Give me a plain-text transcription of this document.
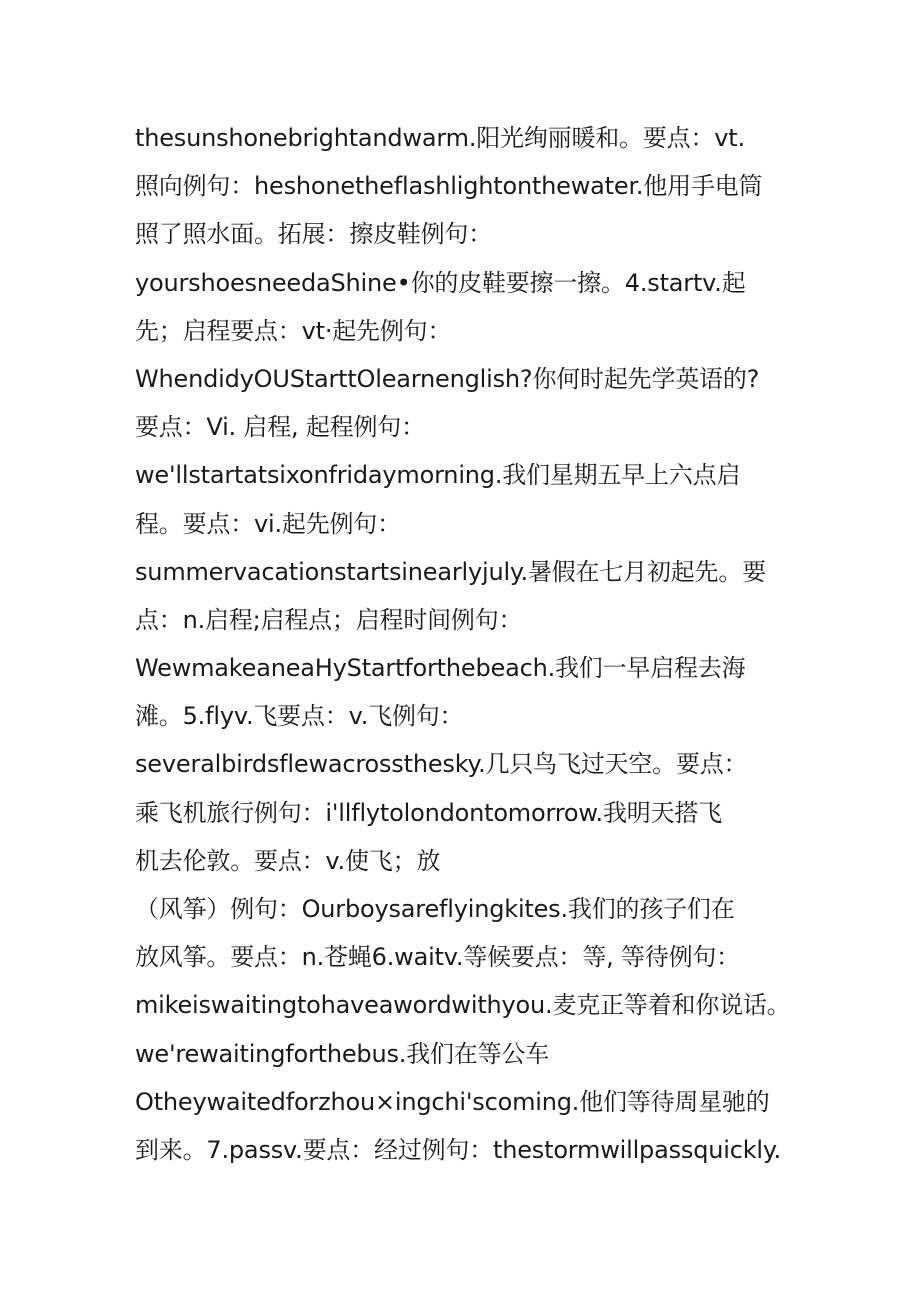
thesunshonebrightandwarm.阳光绚丽暖和。要点：vt.
照向例句：heshonetheflashlightonthewater.他用手电筒
照了照水面。拓展：擦皮鞋例句：
yourshoesneedaShine•你的皮鞋要擦一擦。4.startv.起
先；启程要点：vt·起先例句：
WhendidyOUStarttOlearnenglish?你何时起先学英语的?
要点：Vi. 启程, 起程例句：
we'llstartatsixonfridaymorning.我们星期五早上六点启
程。要点：vi.起先例句：
summervacationstartsinearlyjuly.暑假在七月初起先。要
点：n.启程;启程点；启程时间例句：
WewmakeaneaHyStartforthebeach.我们一早启程去海
滩。5.flyv.飞要点：v.飞例句：
severalbirdsflewacrossthesky.几只鸟飞过天空。要点：
乘飞机旅行例句：i'llflytolondontomorrow.我明天搭飞
机去伦敦。要点：v.使飞；放
（风筝）例句：Ourboysareflyingkites.我们的孩子们在
放风筝。要点：n.苍蝇6.waitv.等候要点：等, 等待例句：
mikeiswaitingtohaveawordwithyou.麦克正等着和你说话。
we'rewaitingforthebus.我们在等公车
Otheywaitedforzhou×ingchi'scoming.他们等待周星驰的
到来。7.passv.要点：经过例句：thestormwillpassquickly.
